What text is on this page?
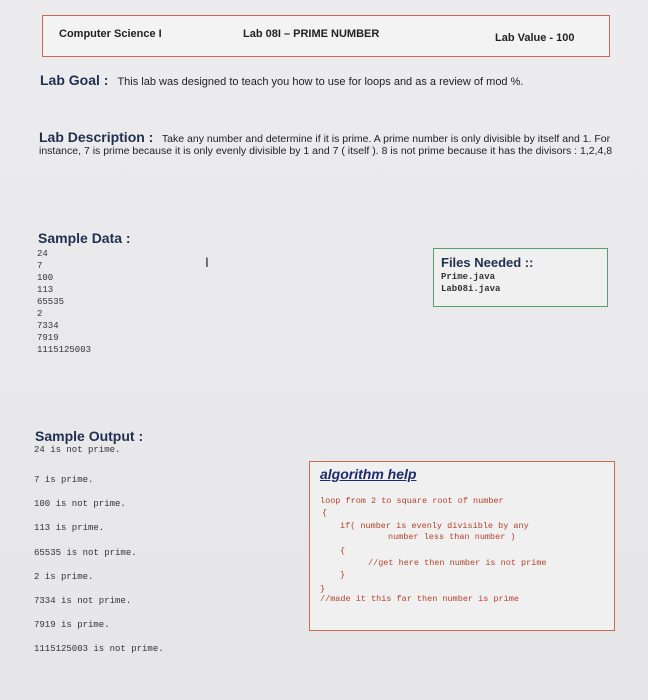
Computer Science I	Lab 08I – PRIME NUMBER	Lab Value - 100
Lab Goal : This lab was designed to teach you how to use for loops and as a review of mod %.
Lab Description : Take any number and determine if it is prime. A prime number is only divisible by itself and 1. For instance, 7 is prime because it is only evenly divisible by 1 and 7 ( itself ). 8 is not prime because it has the divisors : 1,2,4,8
Sample Data :
24
7
100
113
65535
2
7334
7919
1115125003
I	Files Needed ::
Prime.java
Lab08i.java
Sample Output :
24 is not prime.
7 is prime.
100 is not prime.
113 is prime.
65535 is not prime.
2 is prime.
7334 is not prime.
7919 is prime.
1115125003 is not prime.
algorithm help
loop from 2 to square root of number
{
if( number is evenly divisible by any
number less than number )
{
//get here then number is not prime
}
}
//made it this far then number is prime
